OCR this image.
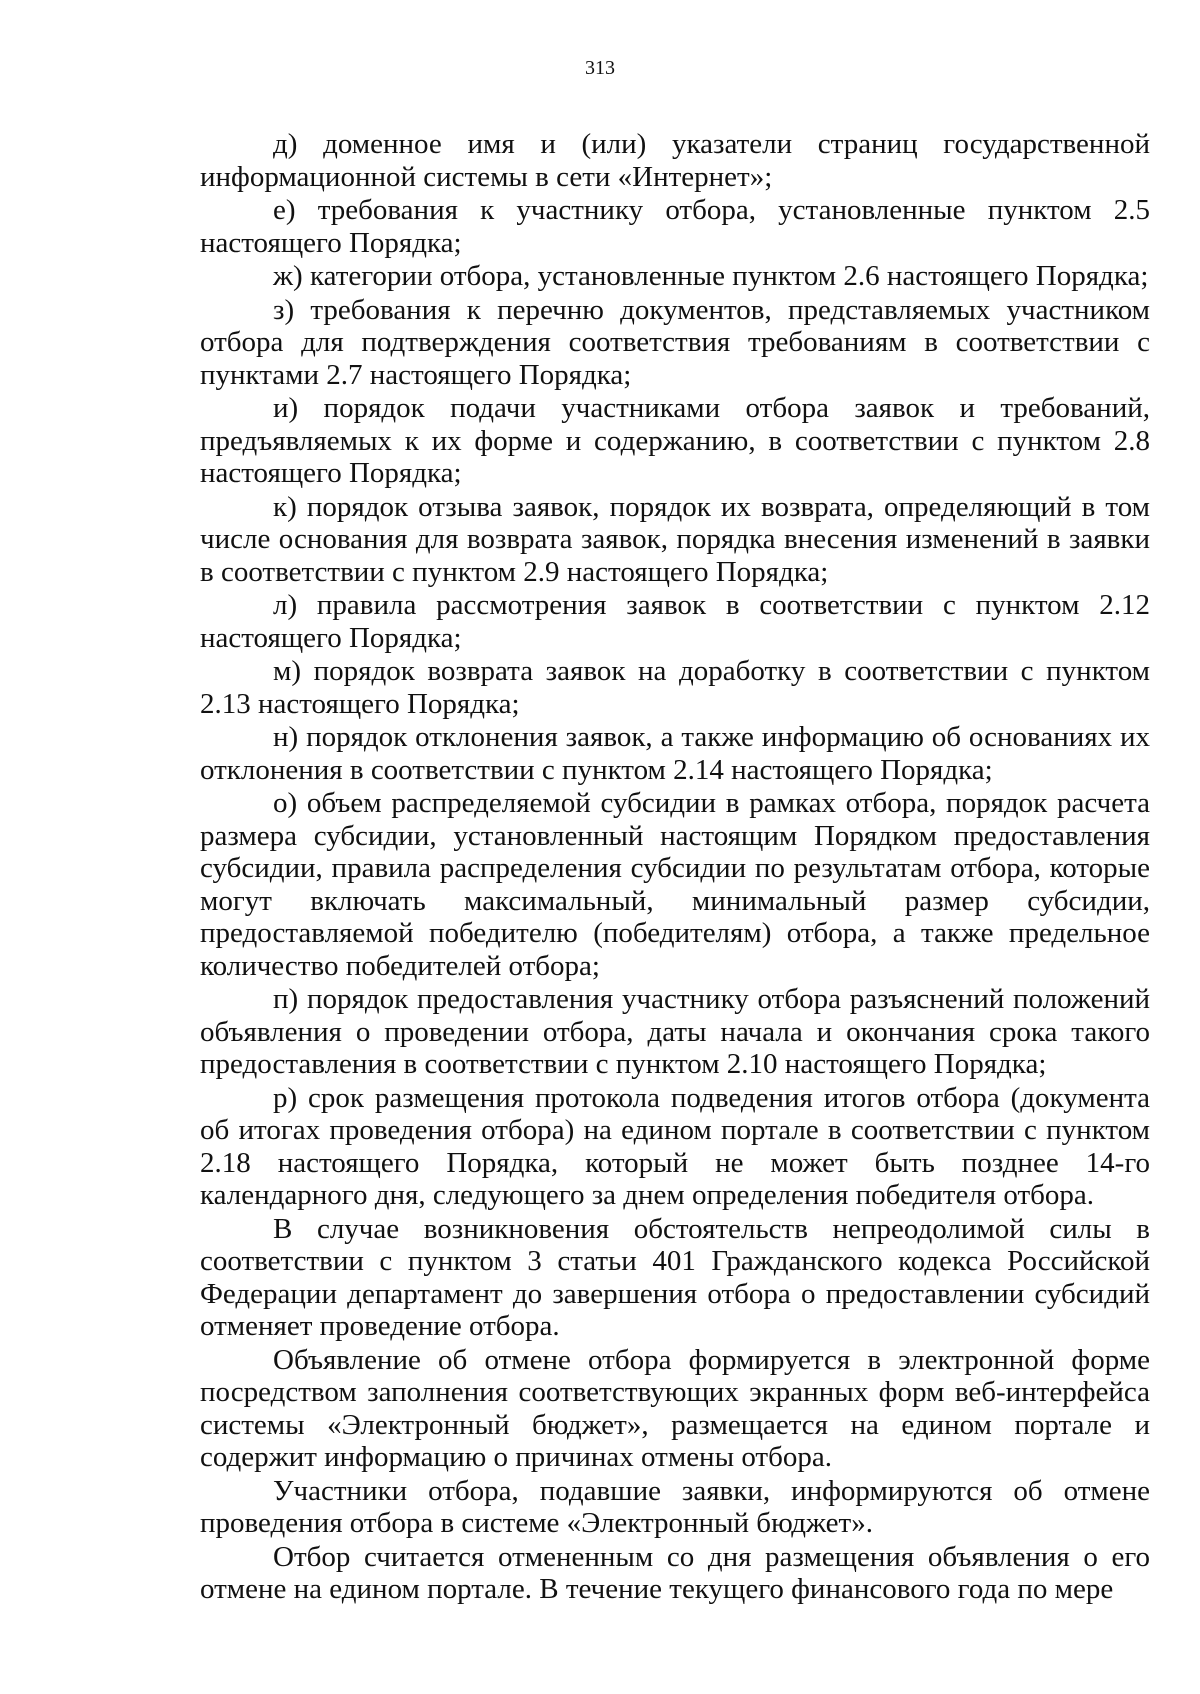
313

д) доменное имя и (или) указатели страниц государственной информационной системы в сети «Интернет»;

е) требования к участнику отбора, установленные пунктом 2.5 настоящего Порядка;

ж) категории отбора, установленные пунктом 2.6 настоящего Порядка;

з) требования к перечню документов, представляемых участником отбора для подтверждения соответствия требованиям в соответствии с пунктами 2.7 настоящего Порядка;

и) порядок подачи участниками отбора заявок и требований, предъявляемых к их форме и содержанию, в соответствии с пунктом 2.8 настоящего Порядка;

к) порядок отзыва заявок, порядок их возврата, определяющий в том числе основания для возврата заявок, порядка внесения изменений в заявки в соответствии с пунктом 2.9 настоящего Порядка;

л) правила рассмотрения заявок в соответствии с пунктом 2.12 настоящего Порядка;

м) порядок возврата заявок на доработку в соответствии с пунктом 2.13 настоящего Порядка;

н) порядок отклонения заявок, а также информацию об основаниях их отклонения в соответствии с пунктом 2.14 настоящего Порядка;

о) объем распределяемой субсидии в рамках отбора, порядок расчета размера субсидии, установленный настоящим Порядком предоставления субсидии, правила распределения субсидии по результатам отбора, которые могут включать максимальный, минимальный размер субсидии, предоставляемой победителю (победителям) отбора, а также предельное количество победителей отбора;

п) порядок предоставления участнику отбора разъяснений положений объявления о проведении отбора, даты начала и окончания срока такого предоставления в соответствии с пунктом 2.10 настоящего Порядка;

р) срок размещения протокола подведения итогов отбора (документа об итогах проведения отбора) на едином портале в соответствии с пунктом 2.18 настоящего Порядка, который не может быть позднее 14-го календарного дня, следующего за днем определения победителя отбора.

В случае возникновения обстоятельств непреодолимой силы в соответствии с пунктом 3 статьи 401 Гражданского кодекса Российской Федерации департамент до завершения отбора о предоставлении субсидий отменяет проведение отбора.

Объявление об отмене отбора формируется в электронной форме посредством заполнения соответствующих экранных форм веб-интерфейса системы «Электронный бюджет», размещается на едином портале и содержит информацию о причинах отмены отбора.

Участники отбора, подавшие заявки, информируются об отмене проведения отбора в системе «Электронный бюджет».

Отбор считается отмененным со дня размещения объявления о его отмене на едином портале. В течение текущего финансового года по мере
